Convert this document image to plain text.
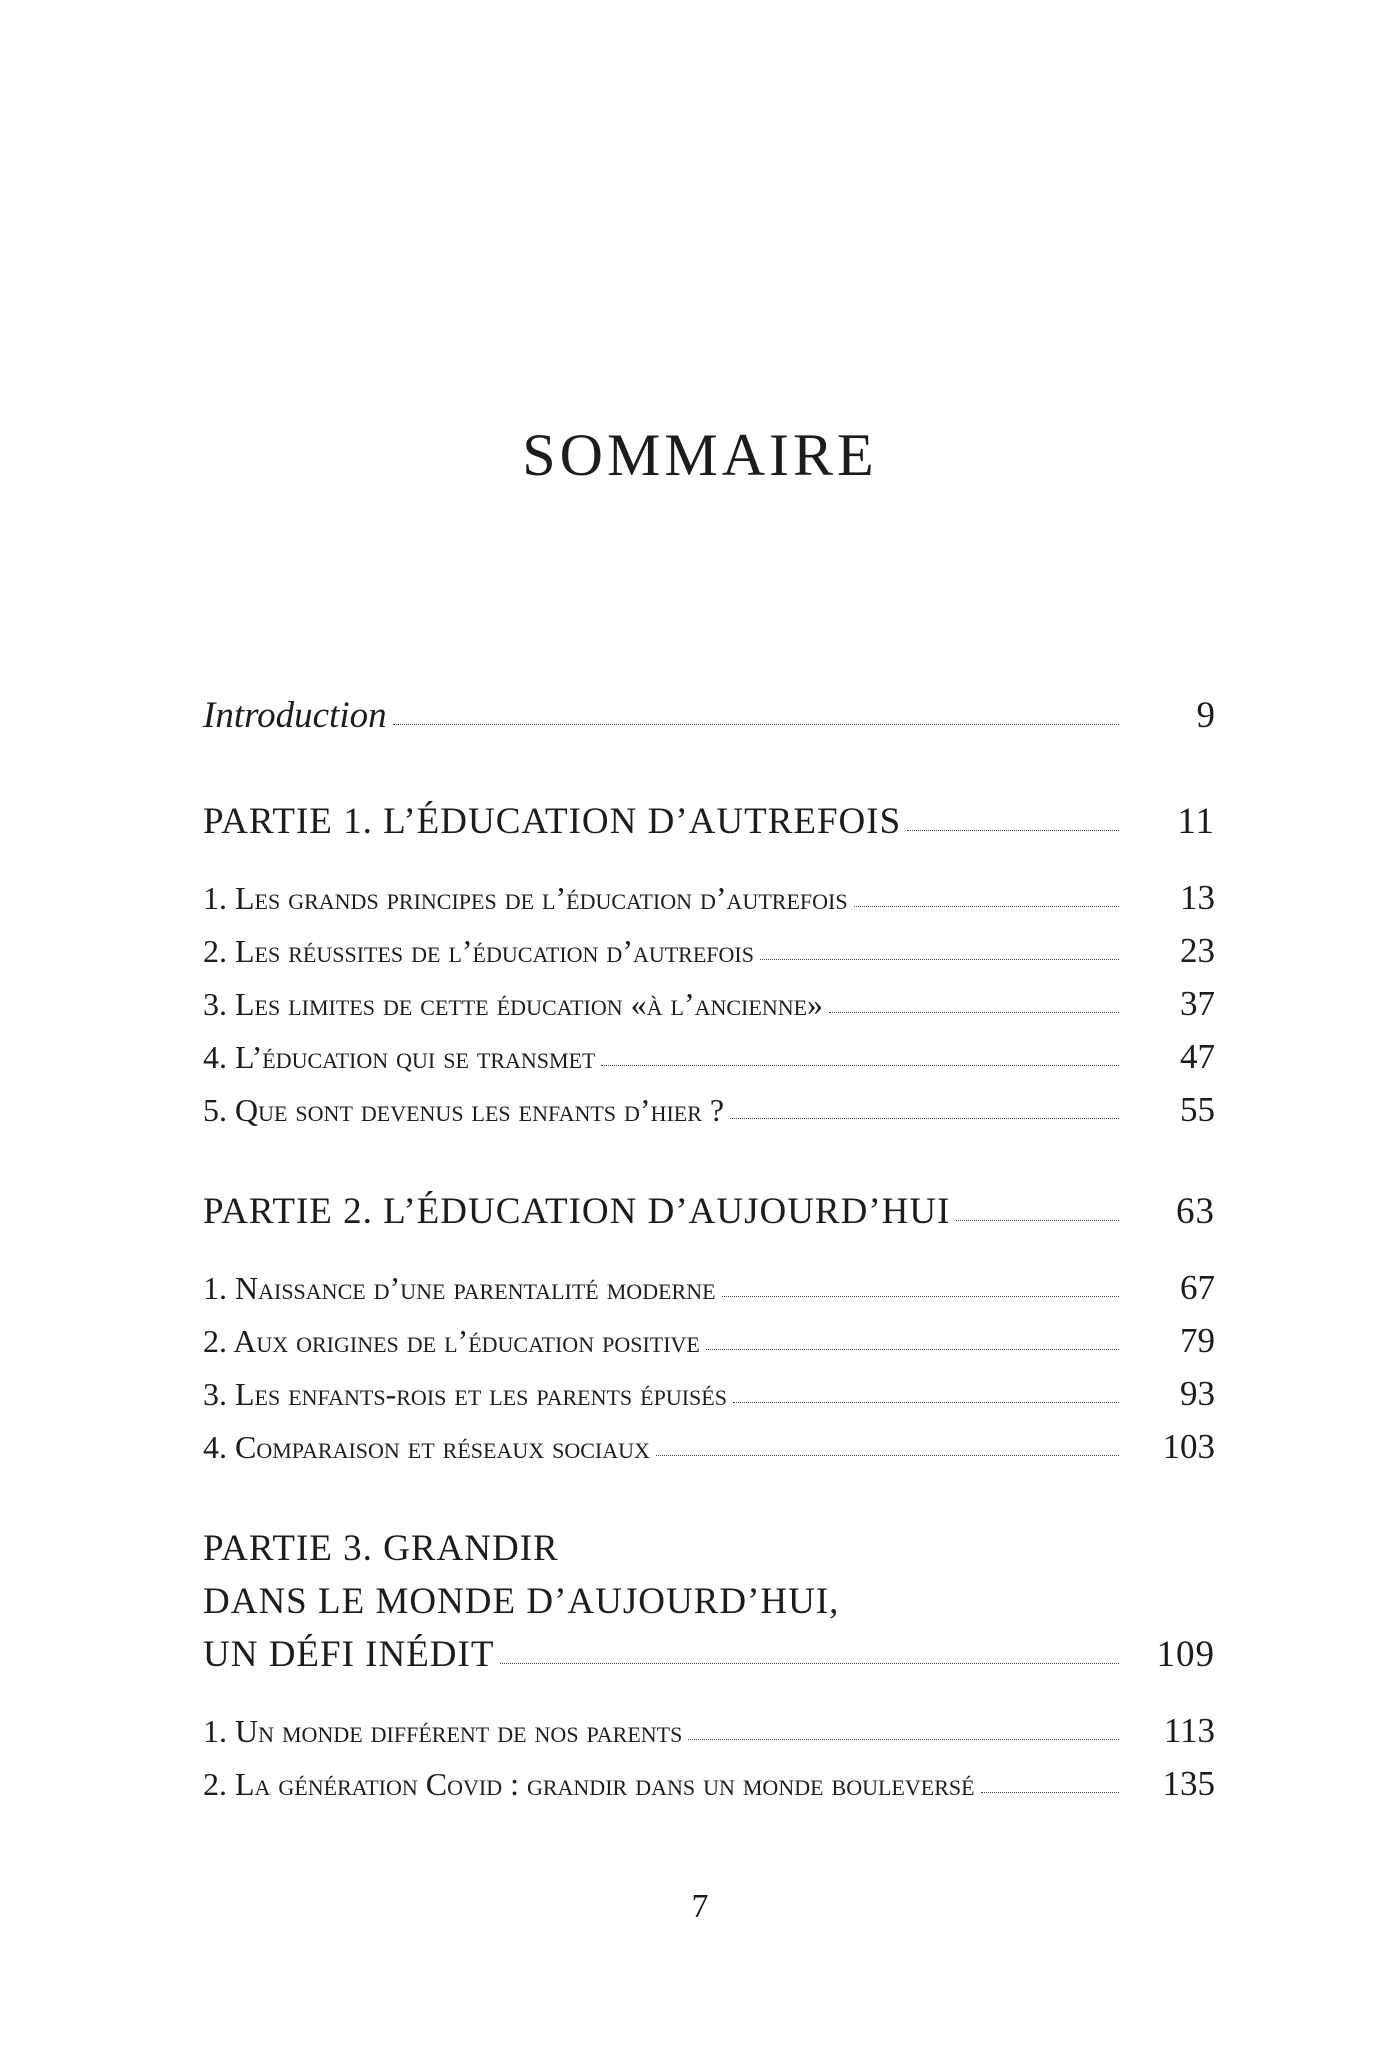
SOMMAIRE
Introduction	9
PARTIE 1. L’ÉDUCATION D’AUTREFOIS	11
1. Les grands principes de l’éducation d’autrefois	13
2. Les réussites de l’éducation d’autrefois	23
3. Les limites de cette éducation «à l’ancienne»	37
4. L’éducation qui se transmet	47
5. Que sont devenus les enfants d’hier ?	55
PARTIE 2. L’ÉDUCATION D’AUJOURD’HUI	63
1. Naissance d’une parentalité moderne	67
2. Aux origines de l’éducation positive	79
3. Les enfants-rois et les parents épuisés	93
4. Comparaison et réseaux sociaux	103
PARTIE 3. GRANDIR
DANS LE MONDE D’AUJOURD’HUI,
UN DÉFI INÉDIT	109
1. Un monde différent de nos parents	113
2. La génération Covid : grandir dans un monde bouleversé	135
7
